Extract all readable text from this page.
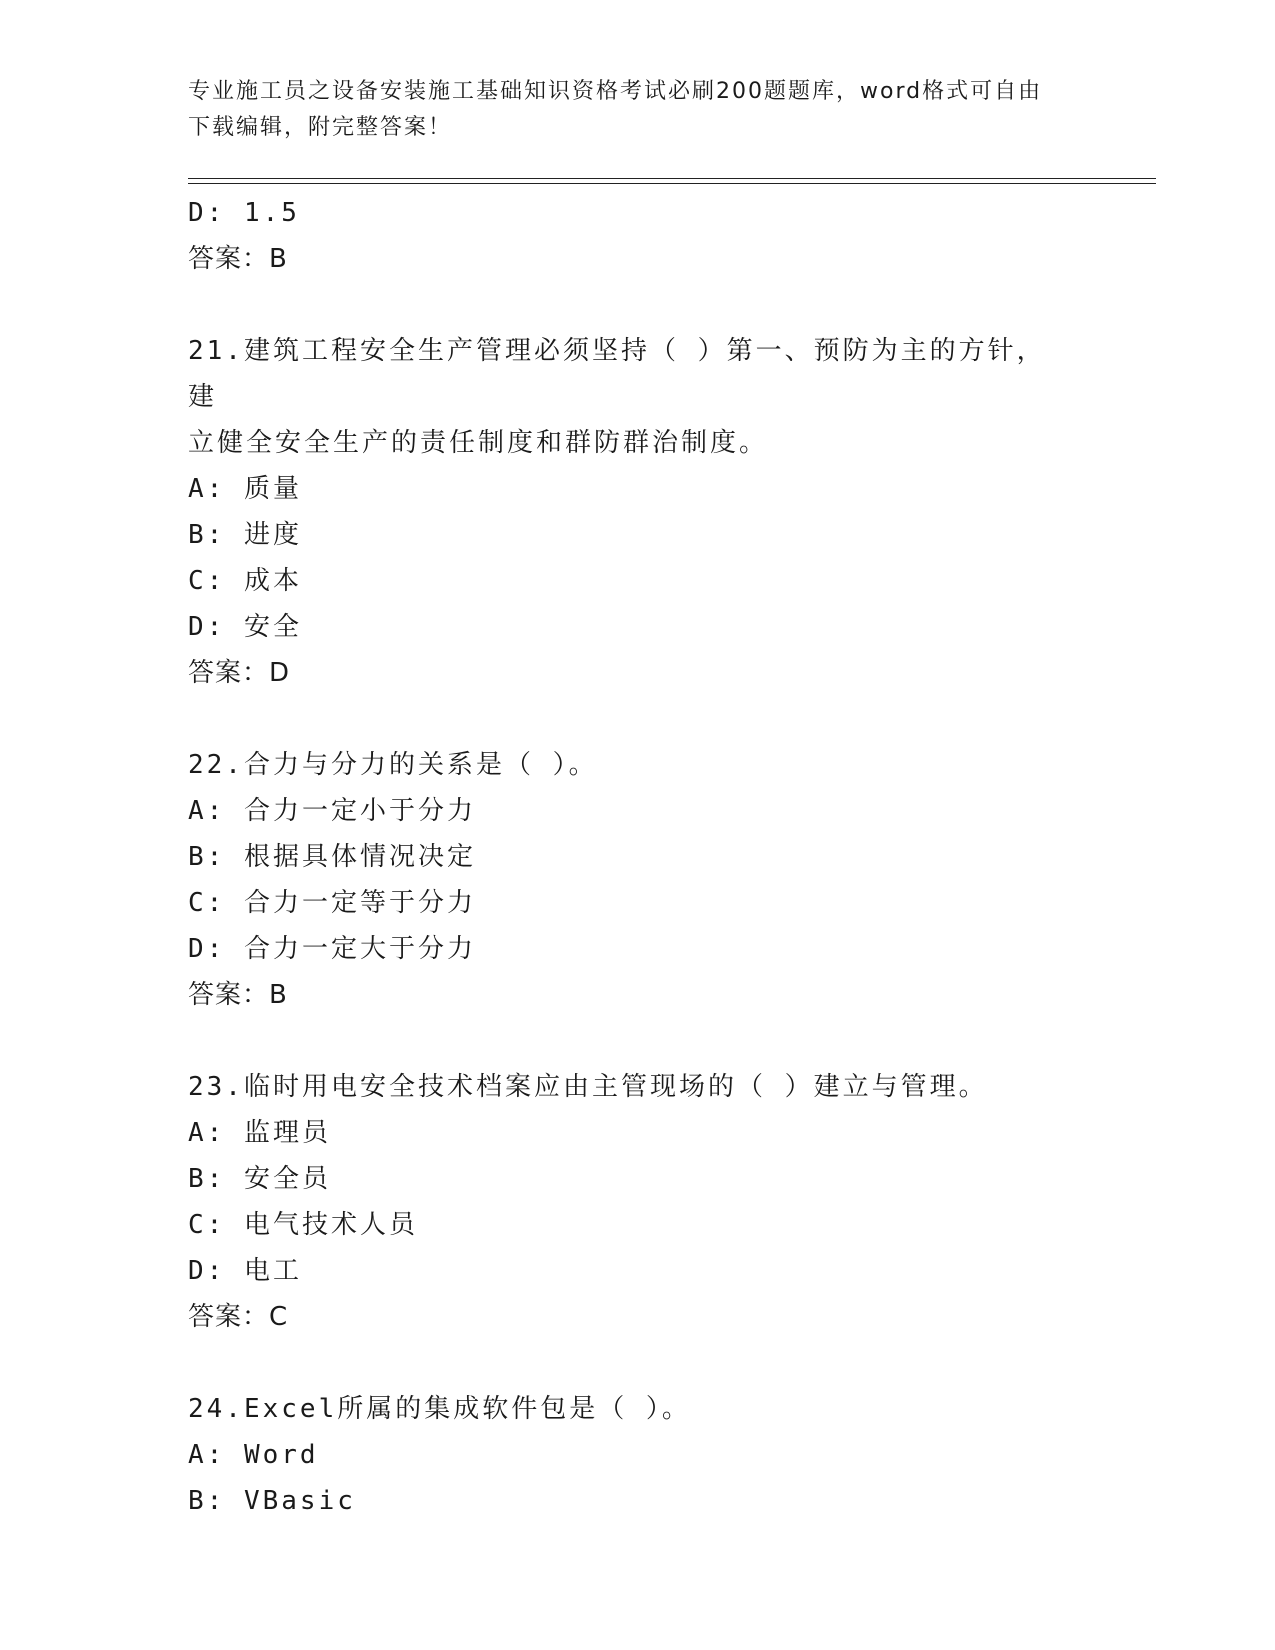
专业施工员之设备安装施工基础知识资格考试必刷200题题库，word格式可自由
下载编辑，附完整答案！
D: 1.5
答案：B
21.建筑工程安全生产管理必须坚持（ ）第一、预防为主的方针，建
立健全安全生产的责任制度和群防群治制度。
A: 质量
B: 进度
C: 成本
D: 安全
答案：D
22.合力与分力的关系是（ ）。
A: 合力一定小于分力
B: 根据具体情况决定
C: 合力一定等于分力
D: 合力一定大于分力
答案：B
23.临时用电安全技术档案应由主管现场的（ ）建立与管理。
A: 监理员
B: 安全员
C: 电气技术人员
D: 电工
答案：C
24.Excel所属的集成软件包是（ ）。
A: Word
B: VBasic
